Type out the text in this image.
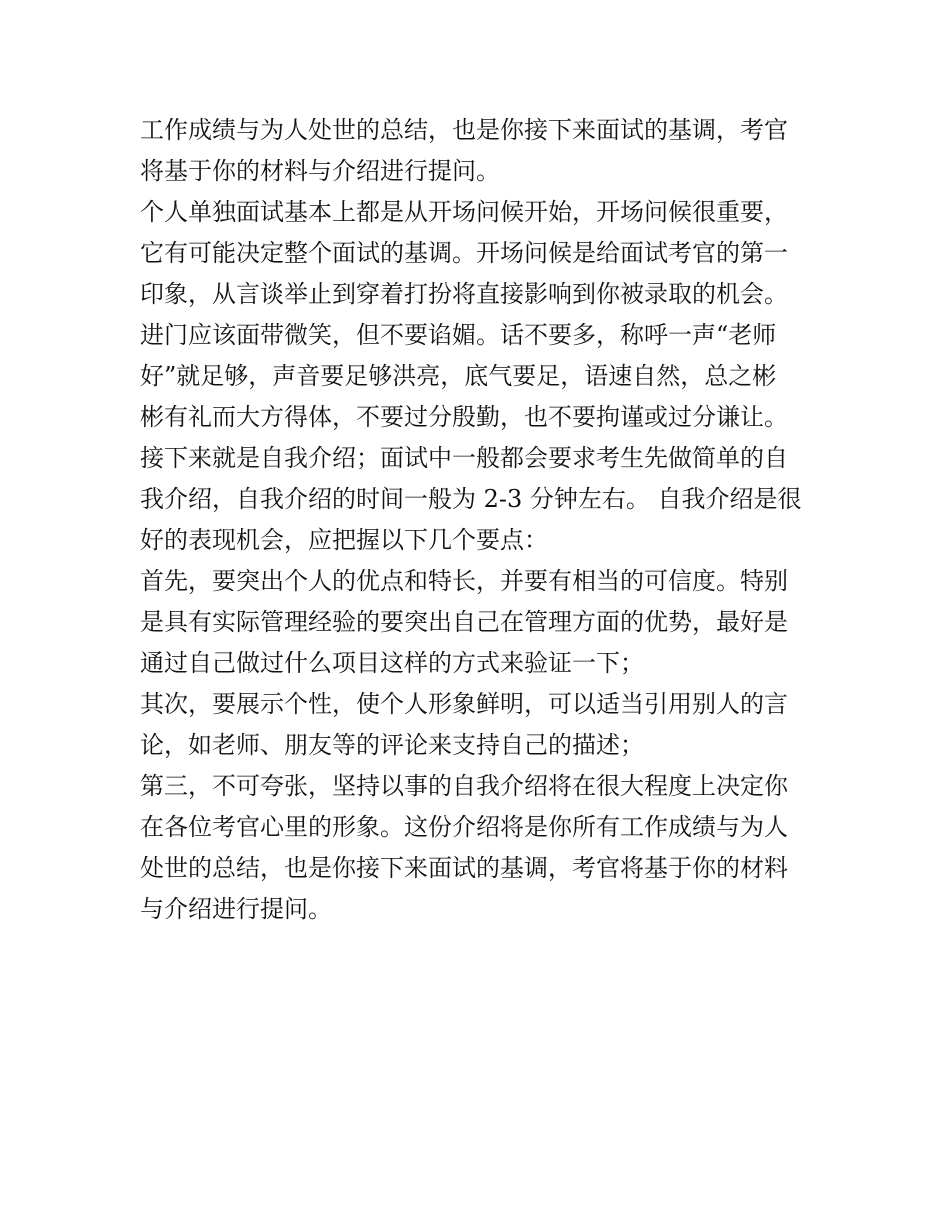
工作成绩与为人处世的总结，也是你接下来面试的基调，考官
将基于你的材料与介绍进行提问。
个人单独面试基本上都是从开场问候开始，开场问候很重要，
它有可能决定整个面试的基调。开场问候是给面试考官的第一
印象，从言谈举止到穿着打扮将直接影响到你被录取的机会。
进门应该面带微笑，但不要谄媚。话不要多，称呼一声“老师
好”就足够，声音要足够洪亮，底气要足，语速自然，总之彬
彬有礼而大方得体，不要过分殷勤，也不要拘谨或过分谦让。
接下来就是自我介绍；面试中一般都会要求考生先做简单的自
我介绍，自我介绍的时间一般为 2-3 分钟左右。 自我介绍是很
好的表现机会，应把握以下几个要点：
首先，要突出个人的优点和特长，并要有相当的可信度。特别
是具有实际管理经验的要突出自己在管理方面的优势，最好是
通过自己做过什么项目这样的方式来验证一下；
其次，要展示个性，使个人形象鲜明，可以适当引用别人的言
论，如老师、朋友等的评论来支持自己的描述；
第三，不可夸张，坚持以事的自我介绍将在很大程度上决定你
在各位考官心里的形象。这份介绍将是你所有工作成绩与为人
处世的总结，也是你接下来面试的基调，考官将基于你的材料
与介绍进行提问。
